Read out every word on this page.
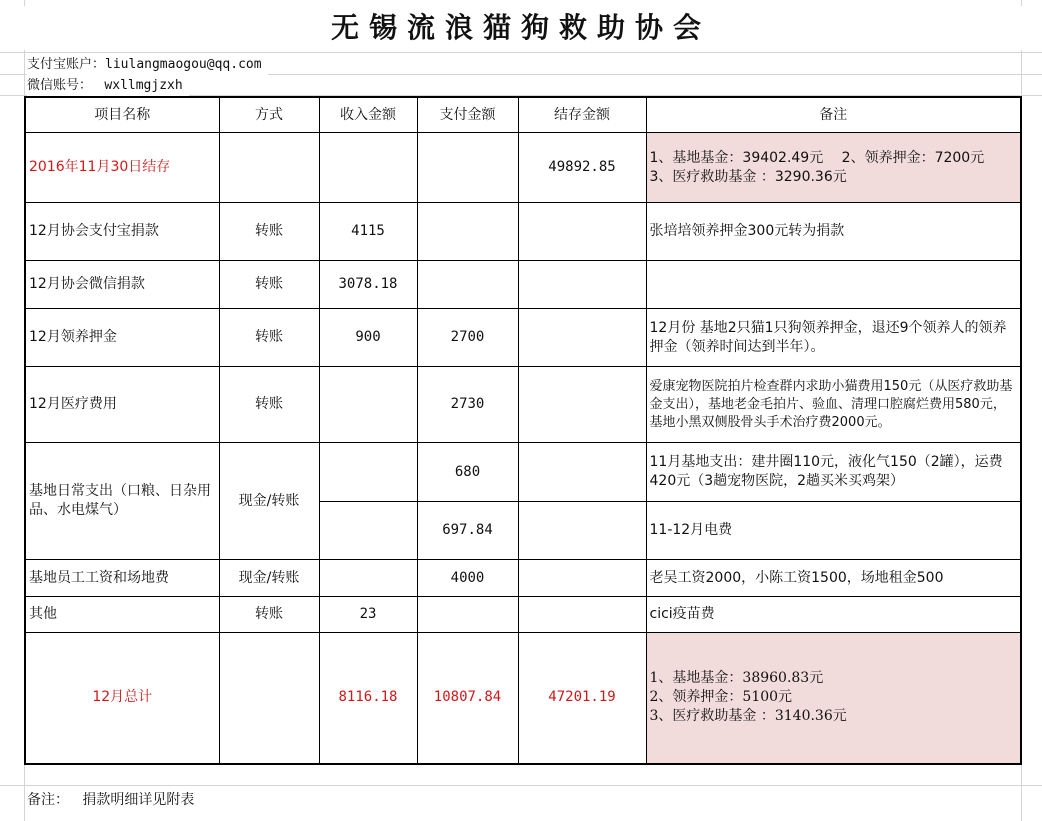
无锡流浪猫狗救助协会
支付宝账户：liulangmaogou@qq.com
微信账号： wxllmgjzxh
项目名称	方式	收入金额	支付金额	结存金额	备注
2016年11月30日结存				49892.85	1、基地基金：39402.49元　 2、领养押金：7200元
3、医疗救助基金 ：3290.36元

12月协会支付宝捐款	转账	4115			张培培领养押金300元转为捐款
12月协会微信捐款	转账	3078.18			
12月领养押金	转账	900	2700		12月份 基地2只猫1只狗领养押金，退还9个领养人的领养押金（领养时间达到半年）。
12月医疗费用	转账		2730		爱康宠物医院拍片检查群内求助小猫费用150元（从医疗救助基金支出），基地老金毛拍片、验血、清理口腔腐烂费用580元，基地小黑双侧股骨头手术治疗费2000元。
基地日常支出（口粮、日杂用品、水电煤气）	现金/转账		680		11月基地支出：建井圈110元，液化气150（2罐），运费420元（3趟宠物医院，2趟买米买鸡架）
			697.84		11-12月电费
基地员工工资和场地费	现金/转账		4000		老吴工资2000，小陈工资1500，场地租金500
其他	转账	23			cici疫苗费
12月总计		8116.18	10807.84	47201.19	1、基地基金：38960.83元
2、领养押金：5100元
3、医疗救助基金 ：3140.36元
备注： 捐款明细详见附表
